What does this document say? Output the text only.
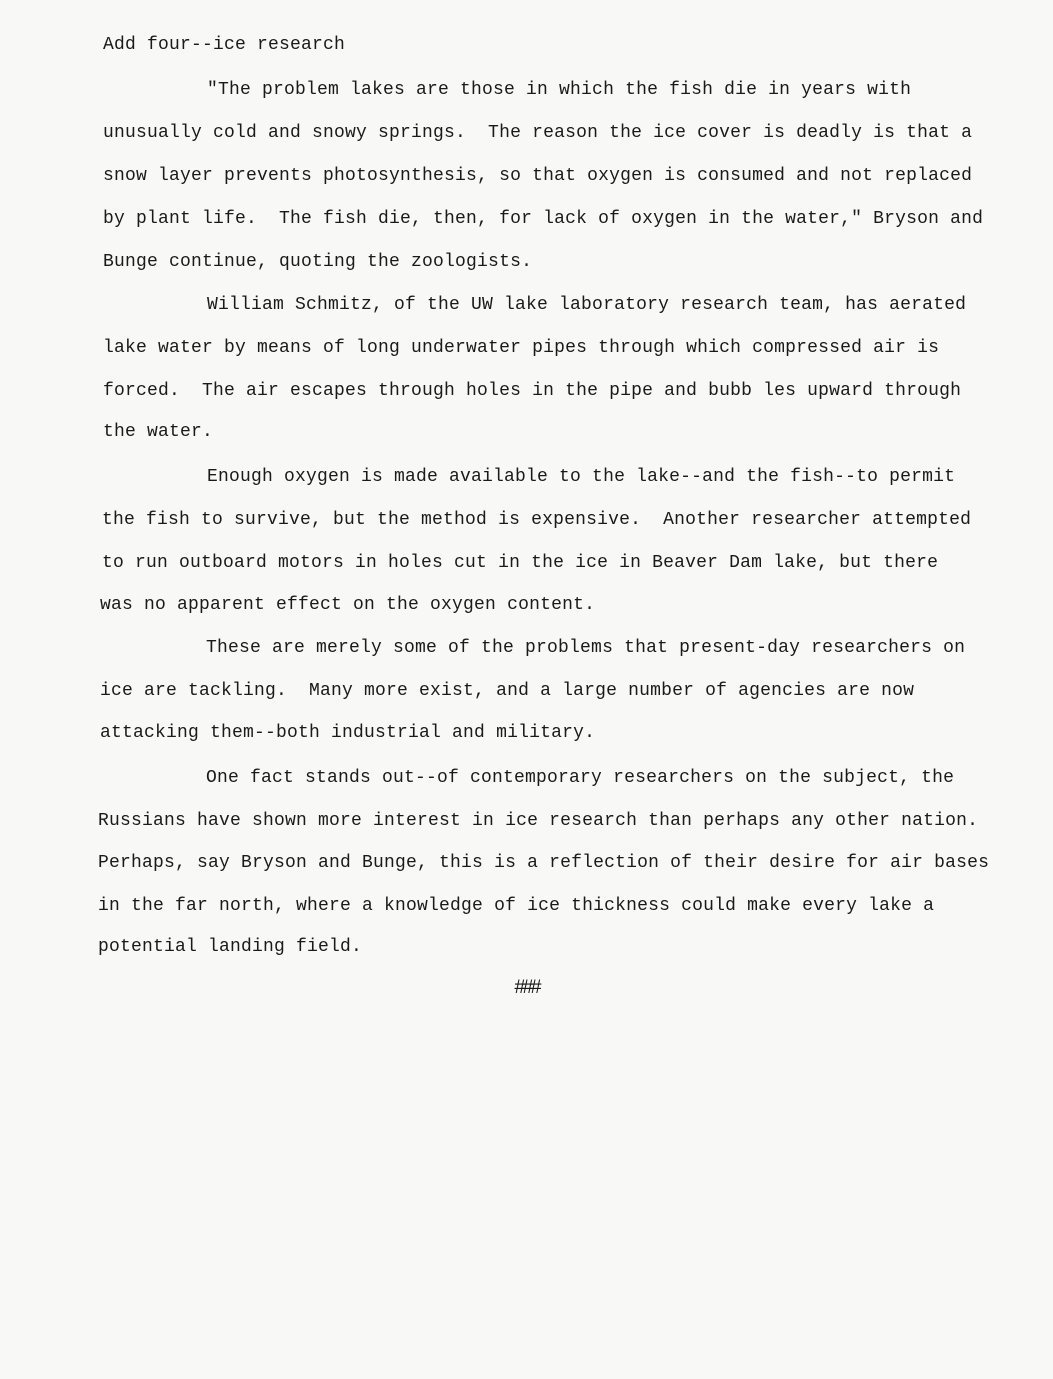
Add four--ice research
"The problem lakes are those in which the fish die in years with
unusually cold and snowy springs.  The reason the ice cover is deadly is that a
snow layer prevents photosynthesis, so that oxygen is consumed and not replaced
by plant life.  The fish die, then, for lack of oxygen in the water," Bryson and
Bunge continue, quoting the zoologists.
William Schmitz, of the UW lake laboratory research team, has aerated
lake water by means of long underwater pipes through which compressed air is
forced.  The air escapes through holes in the pipe and bubb les upward through
the water.
Enough oxygen is made available to the lake--and the fish--to permit
the fish to survive, but the method is expensive.  Another researcher attempted
to run outboard motors in holes cut in the ice in Beaver Dam lake, but there
was no apparent effect on the oxygen content.
These are merely some of the problems that present-day researchers on
ice are tackling.  Many more exist, and a large number of agencies are now
attacking them--both industrial and military.
One fact stands out--of contemporary researchers on the subject, the
Russians have shown more interest in ice research than perhaps any other nation.
Perhaps, say Bryson and Bunge, this is a reflection of their desire for air bases
in the far north, where a knowledge of ice thickness could make every lake a
potential landing field.
###
